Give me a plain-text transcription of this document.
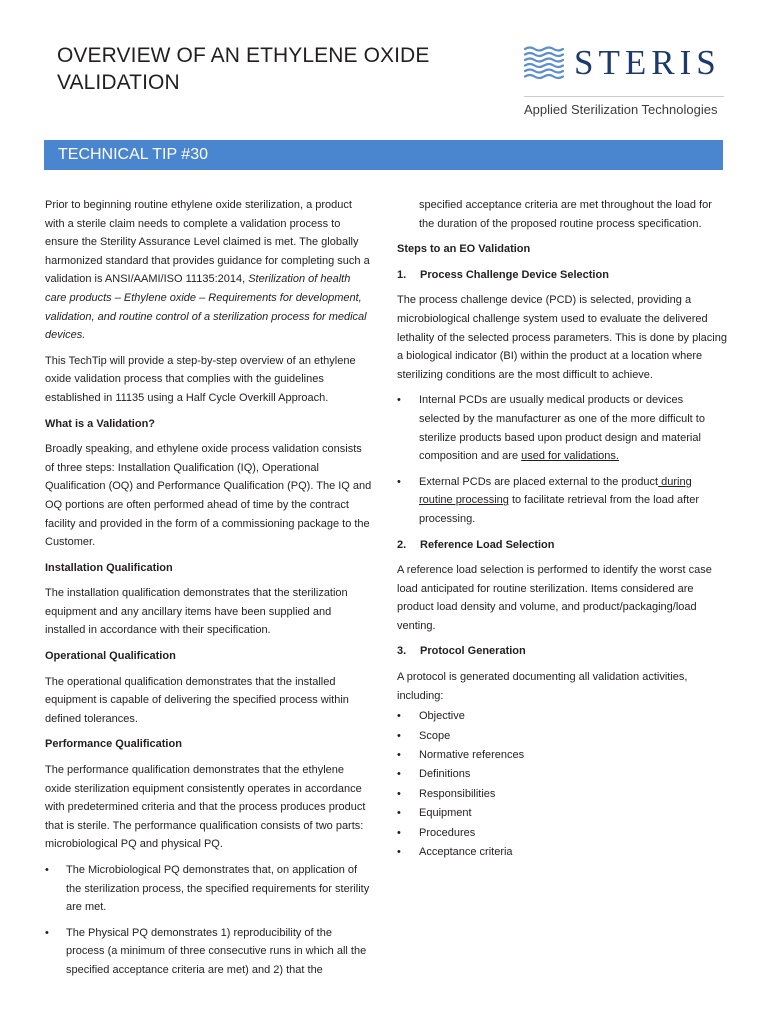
OVERVIEW OF AN ETHYLENE OXIDE VALIDATION
STERIS
Applied Sterilization Technologies
TECHNICAL TIP #30

Prior to beginning routine ethylene oxide sterilization, a product with a sterile claim needs to complete a validation process to ensure the Sterility Assurance Level claimed is met. The globally harmonized standard that provides guidance for completing such a validation is ANSI/AAMI/ISO 11135:2014, Sterilization of health care products – Ethylene oxide – Requirements for development, validation, and routine control of a sterilization process for medical devices.

This TechTip will provide a step-by-step overview of an ethylene oxide validation process that complies with the guidelines established in 11135 using a Half Cycle Overkill Approach.

What is a Validation?

Broadly speaking, and ethylene oxide process validation consists of three steps: Installation Qualification (IQ), Operational Qualification (OQ) and Performance Qualification (PQ). The IQ and OQ portions are often performed ahead of time by the contract facility and provided in the form of a commissioning package to the Customer.

Installation Qualification

The installation qualification demonstrates that the sterilization equipment and any ancillary items have been supplied and installed in accordance with their specification.

Operational Qualification

The operational qualification demonstrates that the installed equipment is capable of delivering the specified process within defined tolerances.

Performance Qualification

The performance qualification demonstrates that the ethylene oxide sterilization equipment consistently operates in accordance with predetermined criteria and that the process produces product that is sterile. The performance qualification consists of two parts: microbiological PQ and physical PQ.

• The Microbiological PQ demonstrates that, on application of the sterilization process, the specified requirements for sterility are met.
• The Physical PQ demonstrates 1) reproducibility of the process (a minimum of three consecutive runs in which all the specified acceptance criteria are met) and 2) that the
specified acceptance criteria are met throughout the load for the duration of the proposed routine process specification.
Steps to an EO Validation
1. Process Challenge Device Selection

The process challenge device (PCD) is selected, providing a microbiological challenge system used to evaluate the delivered lethality of the selected process parameters. This is done by placing a biological indicator (BI) within the product at a location where sterilizing conditions are the most difficult to achieve.

• Internal PCDs are usually medical products or devices selected by the manufacturer as one of the more difficult to sterilize products based upon product design and material composition and are used for validations.
• External PCDs are placed external to the product during routine processing to facilitate retrieval from the load after processing.
2. Reference Load Selection

A reference load selection is performed to identify the worst case load anticipated for routine sterilization. Items considered are product load density and volume, and product/packaging/load venting.

3. Protocol Generation

A protocol is generated documenting all validation activities, including:

• Objective
• Scope
• Normative references
• Definitions
• Responsibilities
• Equipment
• Procedures
• Acceptance criteria
